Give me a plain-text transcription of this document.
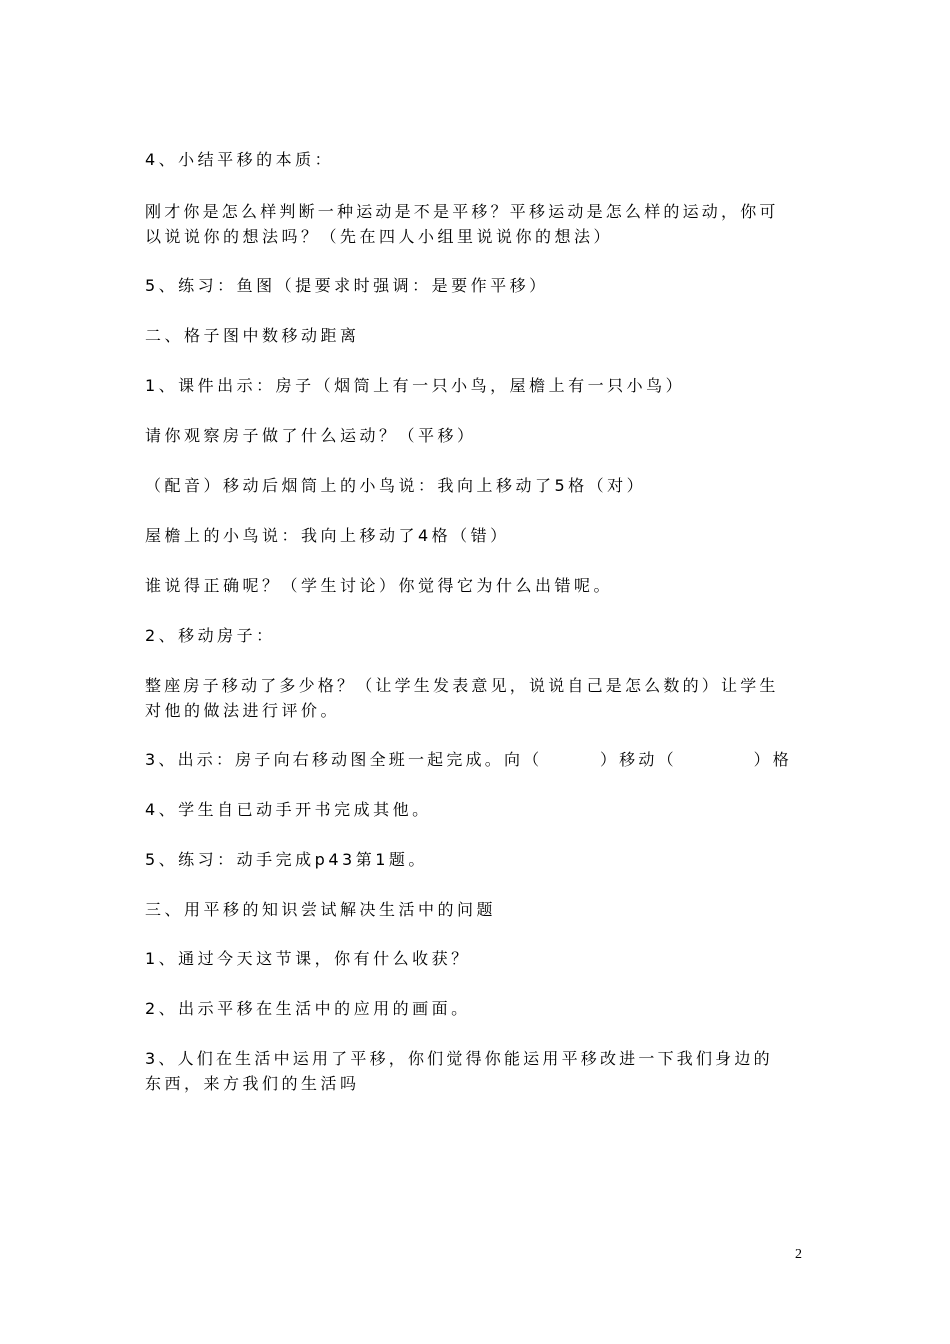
4、小结平移的本质：
刚才你是怎么样判断一种运动是不是平移？平移运动是怎么样的运动，你可
以说说你的想法吗？（先在四人小组里说说你的想法）
5、练习：鱼图（提要求时强调：是要作平移）
二、格子图中数移动距离
1、课件出示：房子（烟筒上有一只小鸟，屋檐上有一只小鸟）
请你观察房子做了什么运动？（平移）
（配音）移动后烟筒上的小鸟说：我向上移动了5格（对）
屋檐上的小鸟说：我向上移动了4格（错）
谁说得正确呢？（学生讨论）你觉得它为什么出错呢。
2、移动房子：
整座房子移动了多少格？（让学生发表意见，说说自己是怎么数的）让学生
对他的做法进行评价。
3、出示：房子向右移动图全班一起完成。向（　　　）移动（　　　　）格
4、学生自已动手开书完成其他。
5、练习：动手完成p43第1题。
三、用平移的知识尝试解决生活中的问题
1、通过今天这节课，你有什么收获？
2、出示平移在生活中的应用的画面。
3、人们在生活中运用了平移，你们觉得你能运用平移改进一下我们身边的
东西，来方我们的生活吗
2
